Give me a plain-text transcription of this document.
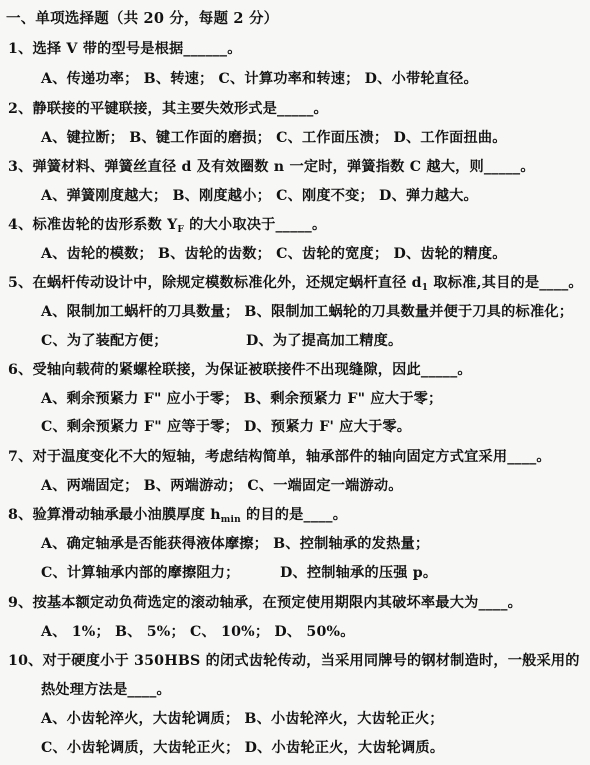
一、单项选择题（共 20 分，每题 2 分）
1、选择 V 带的型号是根据______。
A、传递功率； B、转速； C、计算功率和转速； D、小带轮直径。
2、静联接的平键联接，其主要失效形式是_____。
A、键拉断； B、键工作面的磨损； C、工作面压溃； D、工作面扭曲。
3、弹簧材料、弹簧丝直径 d 及有效圈数 n 一定时，弹簧指数 C 越大，则_____。
A、弹簧刚度越大； B、刚度越小； C、刚度不变； D、弹力越大。
4、标准齿轮的齿形系数 $Y_F$ 的大小取决于_____。
A、齿轮的模数； B、齿轮的齿数； C、齿轮的宽度； D、齿轮的精度。
5、在蜗杆传动设计中，除规定模数标准化外，还规定蜗杆直径 $d_1$ 取标准,其目的是____。
A、限制加工蜗杆的刀具数量； B、限制加工蜗轮的刀具数量并便于刀具的标准化；
C、为了装配方便；	D、为了提高加工精度。
6、受轴向载荷的紧螺栓联接，为保证被联接件不出现缝隙，因此_____。
A、剩余预紧力 F" 应小于零； B、剩余预紧力 F" 应大于零；
C、剩余预紧力 F" 应等于零； D、预紧力 F' 应大于零。
7、对于温度变化不大的短轴，考虑结构简单，轴承部件的轴向固定方式宜采用____。
A、两端固定； B、两端游动； C、一端固定一端游动。
8、验算滑动轴承最小油膜厚度 $h_{min}$ 的目的是____。
A、确定轴承是否能获得液体摩擦； B、控制轴承的发热量；
C、计算轴承内部的摩擦阻力；	D、控制轴承的压强 p。
9、按基本额定动负荷选定的滚动轴承，在预定使用期限内其破坏率最大为____。
A、 1%； B、 5%； C、 10%； D、 50%。
10、对于硬度小于 350HBS 的闭式齿轮传动，当采用同牌号的钢材制造时，一般采用的
热处理方法是____。
A、小齿轮淬火，大齿轮调质； B、小齿轮淬火，大齿轮正火；
C、小齿轮调质，大齿轮正火； D、小齿轮正火，大齿轮调质。
